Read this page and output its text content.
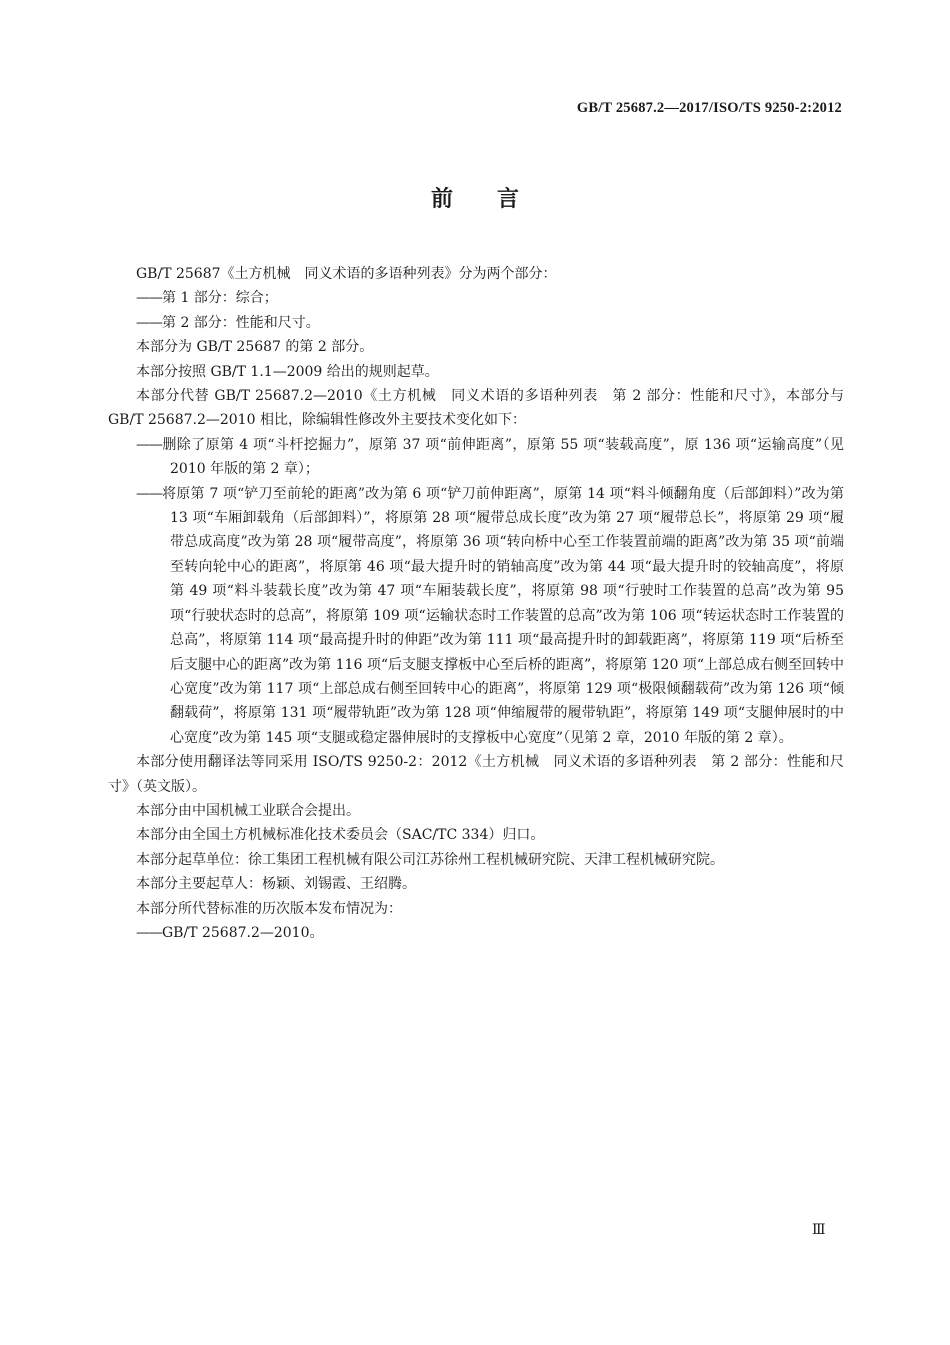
GB/T 25687.2—2017/ISO/TS 9250-2:2012
前言

GB/T 25687《土方机械　同义术语的多语种列表》分为两个部分：

——第 1 部分：综合；

——第 2 部分：性能和尺寸。

本部分为 GB/T 25687 的第 2 部分。

本部分按照 GB/T 1.1—2009 给出的规则起草。

本部分代替 GB/T 25687.2—2010《土方机械　同义术语的多语种列表　第 2 部分：性能和尺寸》，本部分与 GB/T 25687.2—2010 相比，除编辑性修改外主要技术变化如下：

——删除了原第 4 项“斗杆挖掘力”，原第 37 项“前伸距离”，原第 55 项“装载高度”，原 136 项“运输高度”（见 2010 年版的第 2 章）；

——将原第 7 项“铲刀至前轮的距离”改为第 6 项“铲刀前伸距离”，原第 14 项“料斗倾翻角度（后部卸料）”改为第 13 项“车厢卸载角（后部卸料）”，将原第 28 项“履带总成长度”改为第 27 项“履带总长”，将原第 29 项“履带总成高度”改为第 28 项“履带高度”，将原第 36 项“转向桥中心至工作装置前端的距离”改为第 35 项“前端至转向轮中心的距离”，将原第 46 项“最大提升时的销轴高度”改为第 44 项“最大提升时的铰轴高度”，将原第 49 项“料斗装载长度”改为第 47 项“车厢装载长度”，将原第 98 项“行驶时工作装置的总高”改为第 95 项“行驶状态时的总高”，将原第 109 项“运输状态时工作装置的总高”改为第 106 项“转运状态时工作装置的总高”，将原第 114 项“最高提升时的伸距”改为第 111 项“最高提升时的卸载距离”，将原第 119 项“后桥至后支腿中心的距离”改为第 116 项“后支腿支撑板中心至后桥的距离”，将原第 120 项“上部总成右侧至回转中心宽度”改为第 117 项“上部总成右侧至回转中心的距离”，将原第 129 项“极限倾翻载荷”改为第 126 项“倾翻载荷”，将原第 131 项“履带轨距”改为第 128 项“伸缩履带的履带轨距”，将原第 149 项“支腿伸展时的中心宽度”改为第 145 项“支腿或稳定器伸展时的支撑板中心宽度”（见第 2 章，2010 年版的第 2 章）。

本部分使用翻译法等同采用 ISO/TS 9250-2：2012《土方机械　同义术语的多语种列表　第 2 部分：性能和尺寸》（英文版）。

本部分由中国机械工业联合会提出。

本部分由全国土方机械标准化技术委员会（SAC/TC 334）归口。

本部分起草单位：徐工集团工程机械有限公司江苏徐州工程机械研究院、天津工程机械研究院。

本部分主要起草人：杨颖、刘锡霞、王绍腾。

本部分所代替标准的历次版本发布情况为：

——GB/T 25687.2—2010。

Ⅲ
